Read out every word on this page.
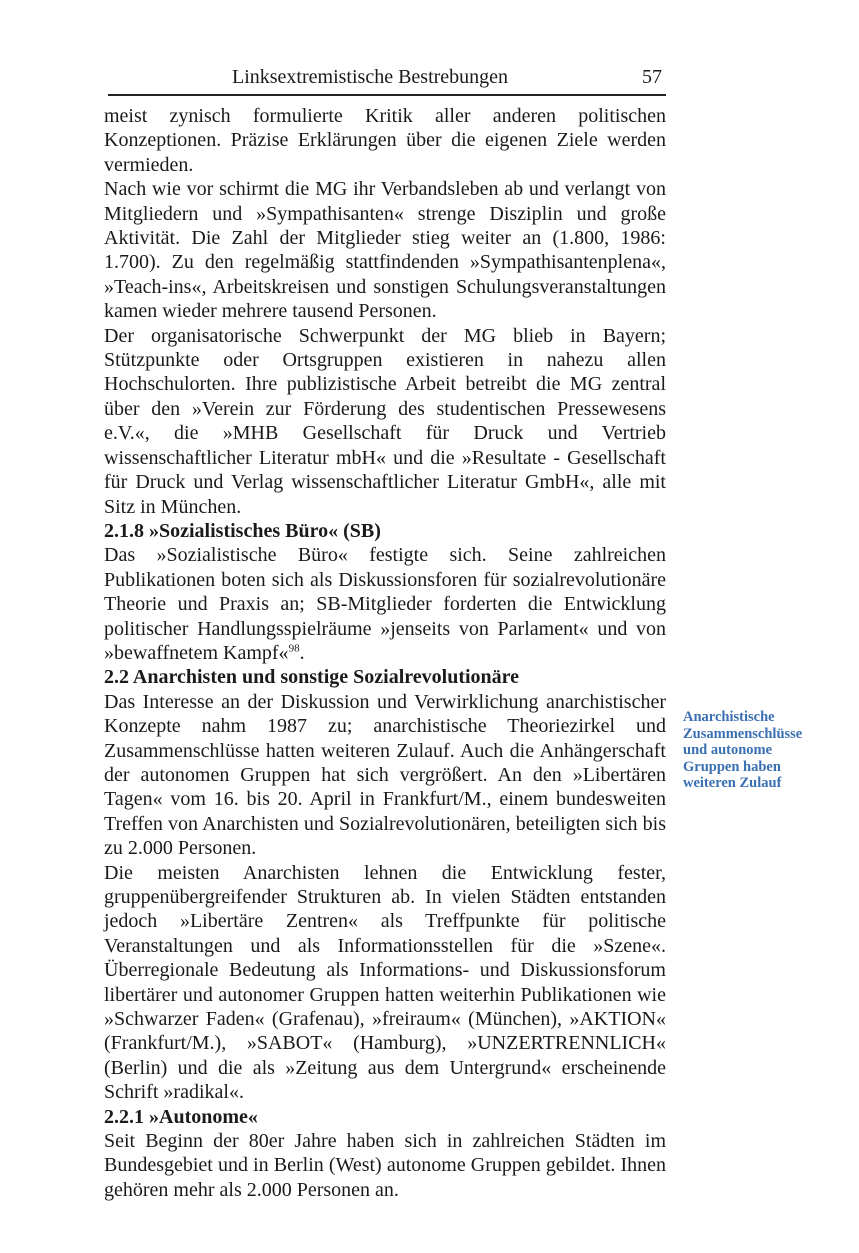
Linksextremistische Bestrebungen	57

meist zynisch formulierte Kritik aller anderen politischen Konzeptionen. Präzise Erklärungen über die eigenen Ziele werden vermieden.

Nach wie vor schirmt die MG ihr Verbandsleben ab und verlangt von Mitgliedern und »Sympathisanten« strenge Disziplin und große Aktivität. Die Zahl der Mitglieder stieg weiter an (1.800, 1986: 1.700). Zu den regelmäßig stattfindenden »Sympathisantenplena«, »Teach-ins«, Arbeitskreisen und sonstigen Schulungsveranstaltungen kamen wieder mehrere tausend Personen.

Der organisatorische Schwerpunkt der MG blieb in Bayern; Stützpunkte oder Ortsgruppen existieren in nahezu allen Hochschulorten. Ihre publizistische Arbeit betreibt die MG zentral über den »Verein zur Förderung des studentischen Pressewesens e.V.«, die »MHB Gesellschaft für Druck und Vertrieb wissenschaftlicher Literatur mbH« und die »Resultate - Gesellschaft für Druck und Verlag wissenschaftlicher Literatur GmbH«, alle mit Sitz in München.

2.1.8 »Sozialistisches Büro« (SB)

Das »Sozialistische Büro« festigte sich. Seine zahlreichen Publikationen boten sich als Diskussionsforen für sozialrevolutionäre Theorie und Praxis an; SB-Mitglieder forderten die Entwicklung politischer Handlungsspielräume »jenseits von Parlament« und von »bewaffnetem Kampf«$^{98}$.

2.2 Anarchisten und sonstige Sozialrevolutionäre

Das Interesse an der Diskussion und Verwirklichung anarchistischer Konzepte nahm 1987 zu; anarchistische Theoriezirkel und Zusammenschlüsse hatten weiteren Zulauf. Auch die Anhängerschaft der autonomen Gruppen hat sich vergrößert. An den »Libertären Tagen« vom 16. bis 20. April in Frankfurt/M., einem bundesweiten Treffen von Anarchisten und Sozialrevolutionären, beteiligten sich bis zu 2.000 Personen.

Die meisten Anarchisten lehnen die Entwicklung fester, gruppenübergreifender Strukturen ab. In vielen Städten entstanden jedoch »Libertäre Zentren« als Treffpunkte für politische Veranstaltungen und als Informationsstellen für die »Szene«. Überregionale Bedeutung als Informations- und Diskussionsforum libertärer und autonomer Gruppen hatten weiterhin Publikationen wie »Schwarzer Faden« (Grafenau), »freiraum« (München), »AKTION« (Frankfurt/M.), »SABOT« (Hamburg), »UNZERTRENNLICH« (Berlin) und die als »Zeitung aus dem Untergrund« erscheinende Schrift »radikal«.

2.2.1 »Autonome«

Seit Beginn der 80er Jahre haben sich in zahlreichen Städten im Bundesgebiet und in Berlin (West) autonome Gruppen gebildet. Ihnen gehören mehr als 2.000 Personen an.

Anarchistische
Zusammenschlüsse
und autonome
Gruppen haben
weiteren Zulauf
